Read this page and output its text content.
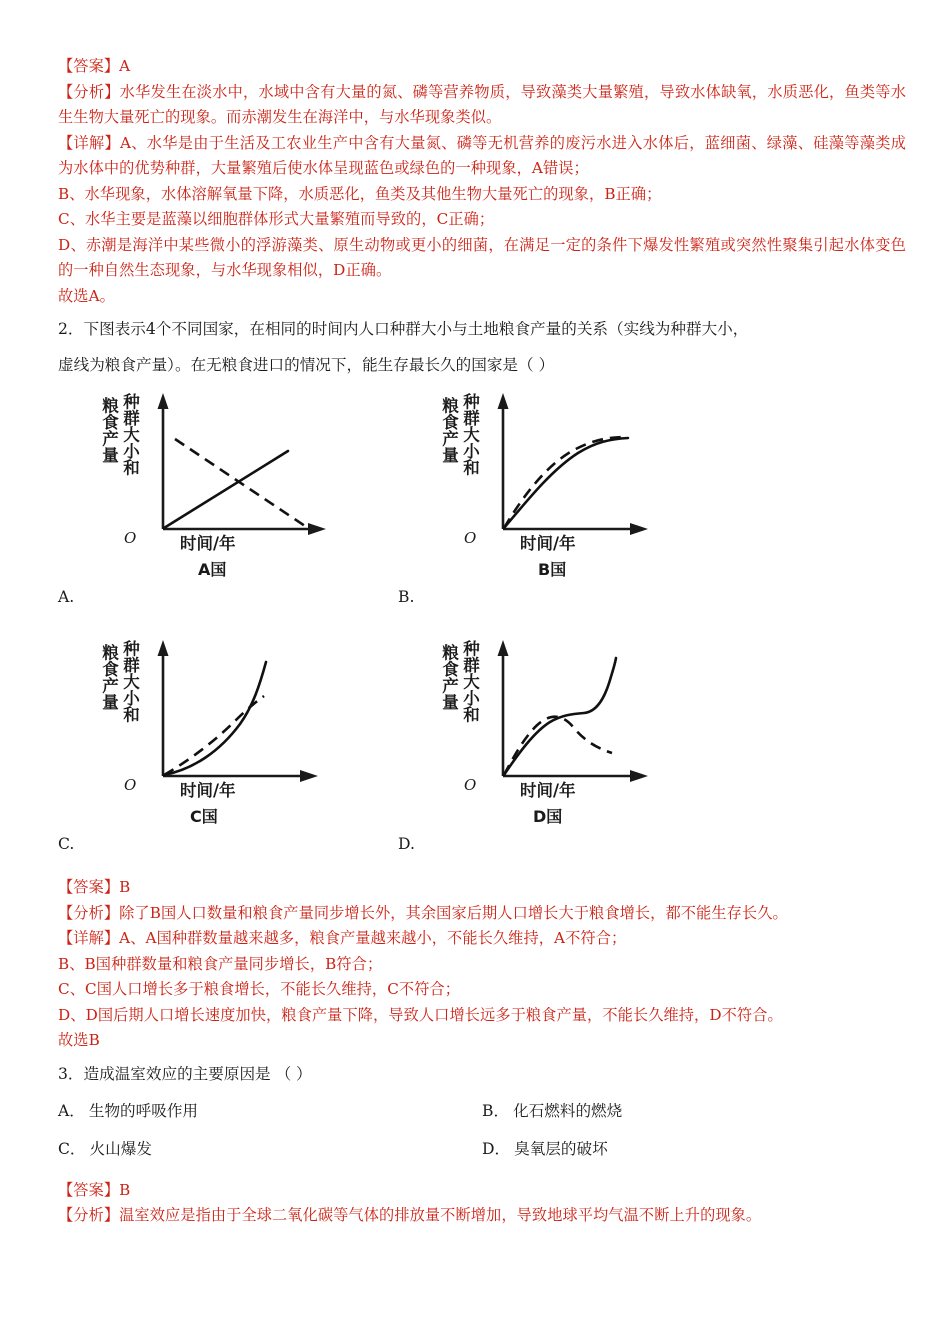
【答案】A
【分析】水华发生在淡水中，水域中含有大量的氮、磷等营养物质，导致藻类大量繁殖，导致水体缺氧，水质恶化，鱼类等水生生物大量死亡的现象。而赤潮发生在海洋中，与水华现象类似。
【详解】A、水华是由于生活及工农业生产中含有大量氮、磷等无机营养的废污水进入水体后，蓝细菌、绿藻、硅藻等藻类成为水体中的优势种群，大量繁殖后使水体呈现蓝色或绿色的一种现象，A错误；
B、水华现象，水体溶解氧量下降，水质恶化，鱼类及其他生物大量死亡的现象，B正确；
C、水华主要是蓝藻以细胞群体形式大量繁殖而导致的，C正确；
D、赤潮是海洋中某些微小的浮游藻类、原生动物或更小的细菌，在满足一定的条件下爆发性繁殖或突然性聚集引起水体变色的一种自然生态现象，与水华现象相似，D正确。
故选A。
2．下图表示4个不同国家，在相同的时间内人口种群大小与土地粮食产量的关系（实线为种群大小，
虚线为粮食产量）。在无粮食进口的情况下，能生存最长久的国家是（ ）
A.
粮食产量 种群大小和
O	时间/年
A国
B.
粮食产量 种群大小和
O	时间/年
B国
C.
粮食产量 种群大小和
O	时间/年
C国
D.
粮食产量 种群大小和
O	时间/年
D国
【答案】B
【分析】除了B国人口数量和粮食产量同步增长外，其余国家后期人口增长大于粮食增长，都不能生存长久。
【详解】A、A国种群数量越来越多，粮食产量越来越小，不能长久维持，A不符合；
B、B国种群数量和粮食产量同步增长，B符合；
C、C国人口增长多于粮食增长，不能长久维持，C不符合；
D、D国后期人口增长速度加快，粮食产量下降，导致人口增长远多于粮食产量，不能长久维持，D不符合。
故选B
3．造成温室效应的主要原因是 （ ）
A． 生物的呼吸作用	B． 化石燃料的燃烧
C． 火山爆发	D． 臭氧层的破坏
【答案】B
【分析】温室效应是指由于全球二氧化碳等气体的排放量不断增加，导致地球平均气温不断上升的现象。
